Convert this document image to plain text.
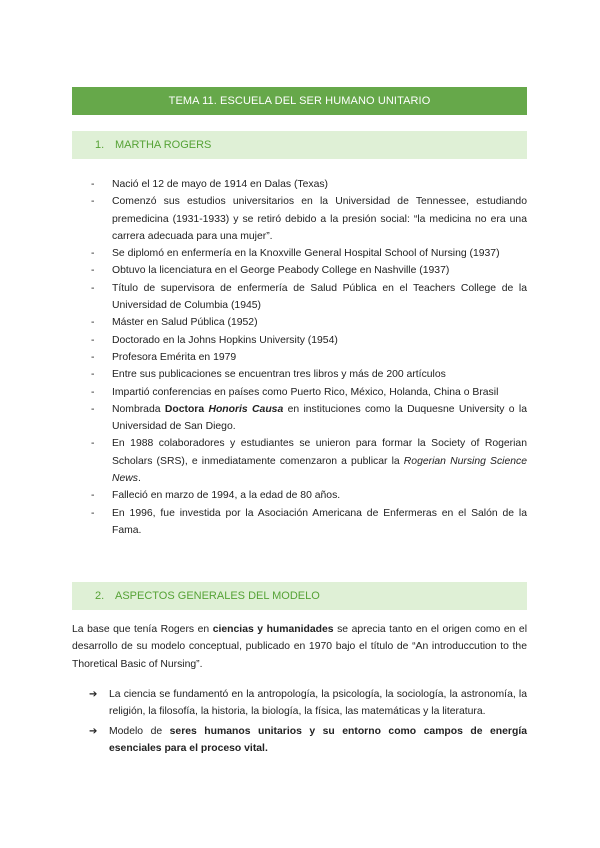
TEMA 11. ESCUELA DEL SER HUMANO UNITARIO
1. MARTHA ROGERS
- Nació el 12 de mayo de 1914 en Dalas (Texas)
- Comenzó sus estudios universitarios en la Universidad de Tennessee, estudiando premedicina (1931-1933) y se retiró debido a la presión social: “la medicina no era una carrera adecuada para una mujer”.
- Se diplomó en enfermería en la Knoxville General Hospital School of Nursing (1937)
- Obtuvo la licenciatura en el George Peabody College en Nashville (1937)
- Título de supervisora de enfermería de Salud Pública en el Teachers College de la Universidad de Columbia (1945)
- Máster en Salud Pública (1952)
- Doctorado en la Johns Hopkins University (1954)
- Profesora Emérita en 1979
- Entre sus publicaciones se encuentran tres libros y más de 200 artículos
- Impartió conferencias en países como Puerto Rico, México, Holanda, China o Brasil
- Nombrada Doctora Honoris Causa en instituciones como la Duquesne University o la Universidad de San Diego.
- En 1988 colaboradores y estudiantes se unieron para formar la Society of Rogerian Scholars (SRS), e inmediatamente comenzaron a publicar la Rogerian Nursing Science News.
- Falleció en marzo de 1994, a la edad de 80 años.
- En 1996, fue investida por la Asociación Americana de Enfermeras en el Salón de la Fama.
2. ASPECTOS GENERALES DEL MODELO

La base que tenía Rogers en ciencias y humanidades se aprecia tanto en el origen como en el desarrollo de su modelo conceptual, publicado en 1970 bajo el título de “An introduccution to the Thoretical Basic of Nursing”.

➔ La ciencia se fundamentó en la antropología, la psicología, la sociología, la astronomía, la religión, la filosofía, la historia, la biología, la física, las matemáticas y la literatura.
➔ Modelo de seres humanos unitarios y su entorno como campos de energía esenciales para el proceso vital.
